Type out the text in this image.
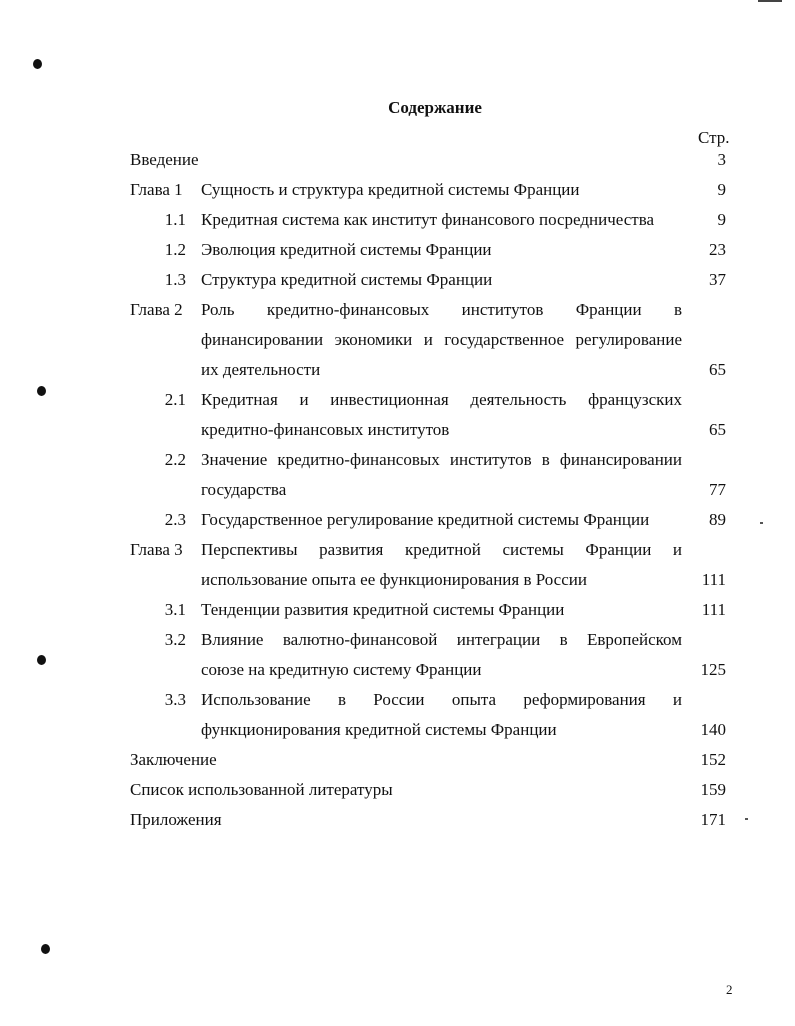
Содержание
Стр.
Введение	3
Глава 1 Сущность и структура кредитной системы Франции	9
1.1 Кредитная система как институт финансового посредничества	9
1.2 Эволюция кредитной системы Франции	23
1.3 Структура кредитной системы Франции	37
Глава 2 Роль кредитно-финансовых институтов Франции в
финансировании экономики и государственное регулирование
их деятельности	65
2.1 Кредитная и инвестиционная деятельность французских
кредитно-финансовых институтов	65
2.2 Значение кредитно-финансовых институтов в финансировании
государства	77
2.3 Государственное регулирование кредитной системы Франции	89
Глава 3 Перспективы развития кредитной системы Франции и
использование опыта ее функционирования в России	111
3.1 Тенденции развития кредитной системы Франции	111
3.2 Влияние валютно-финансовой интеграции в Европейском
союзе на кредитную систему Франции	125
3.3 Использование в России опыта реформирования и
функционирования кредитной системы Франции	140
Заключение	152
Список использованной литературы	159
Приложения	171
2
